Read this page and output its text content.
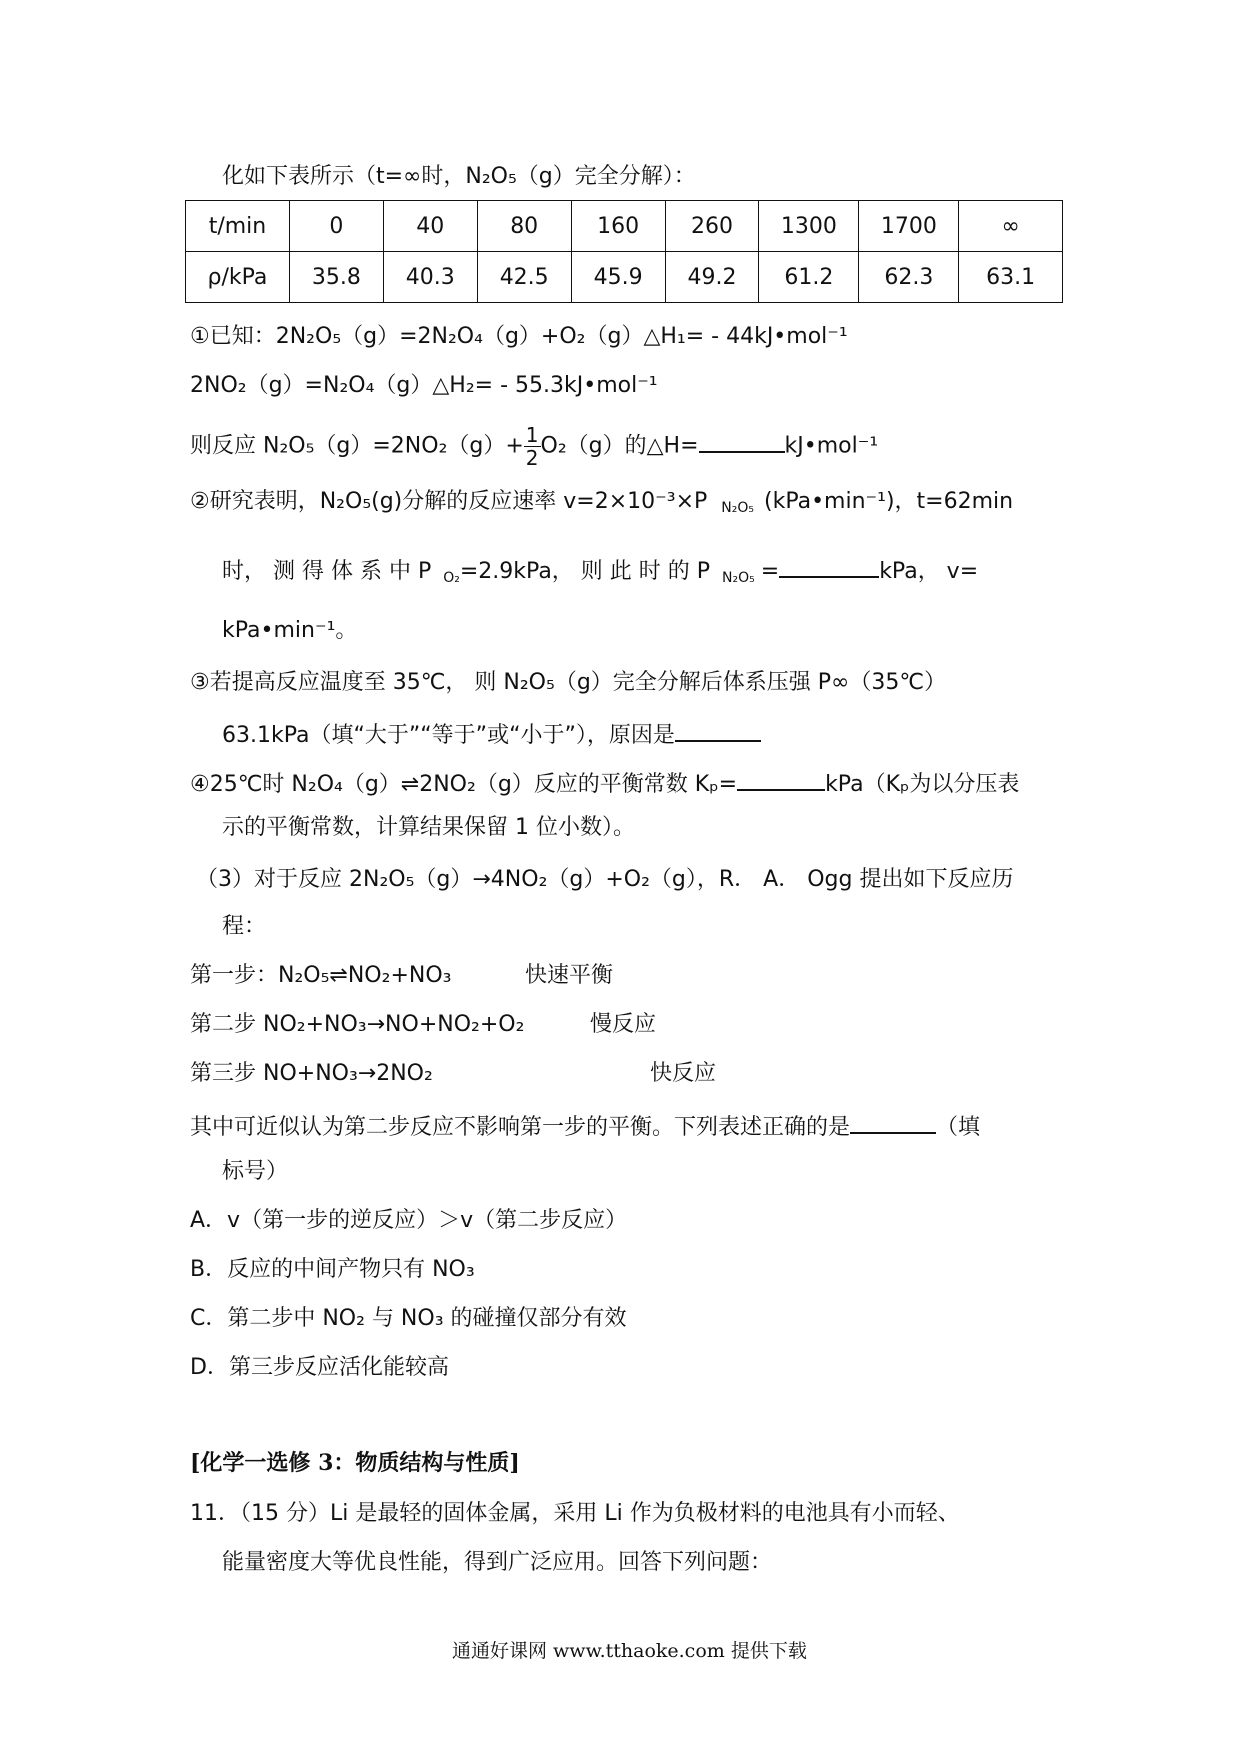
化如下表所示（t=∞时，N₂O₅（g）完全分解）：
t/min	0	40	80	160	260	1300	1700	∞
ρ/kPa	35.8	40.3	42.5	45.9	49.2	61.2	62.3	63.1
①已知：2N₂O₅（g）=2N₂O₄（g）+O₂（g）△H₁= - 44kJ•mol⁻¹
2NO₂（g）=N₂O₄（g）△H₂= - 55.3kJ•mol⁻¹
则反应 $N_2O_5(g)=2NO_2(g)+ \frac{1}{2} O_2(g)$的△H=	kJ•mol⁻¹
②研究表明，N₂O₅(g)分解的反应速率 v=2×10⁻³×P $_{N_2O_5}$ (kPa•min⁻¹)，t=62min
时， 测 得 体 系 中 P $_{O_2}$=2.9kPa， 则 此 时 的 P $_{N_2O_5}$ =	kPa， v=
kPa•min⁻¹。
③若提高反应温度至 35℃， 则 N₂O₅（g）完全分解后体系压强 P∞（35℃）
63.1kPa（填“大于”“等于”或“小于”），原因是
④25℃时 N₂O₄（g）⇌2NO₂（g）反应的平衡常数 Kₚ=	kPa（Kₚ为以分压表
示的平衡常数，计算结果保留 1 位小数）。
（3）对于反应 2N₂O₅（g）→4NO₂（g）+O₂（g），R． A． Ogg 提出如下反应历
程：
第一步：N₂O₅⇌NO₂+NO₃	快速平衡
第二步 NO₂+NO₃→NO+NO₂+O₂	慢反应
第三步 NO+NO₃→2NO₂	快反应
其中可近似认为第二步反应不影响第一步的平衡。下列表述正确的是	（填
标号）
A．v（第一步的逆反应）＞v（第二步反应）
B．反应的中间产物只有 NO₃
C．第二步中 NO₂ 与 NO₃ 的碰撞仅部分有效
D．第三步反应活化能较高
[化学一选修 3：物质结构与性质]
11．（15 分）Li 是最轻的固体金属，采用 Li 作为负极材料的电池具有小而轻、
能量密度大等优良性能，得到广泛应用。回答下列问题：
通通好课网 www.tthaoke.com 提供下载
